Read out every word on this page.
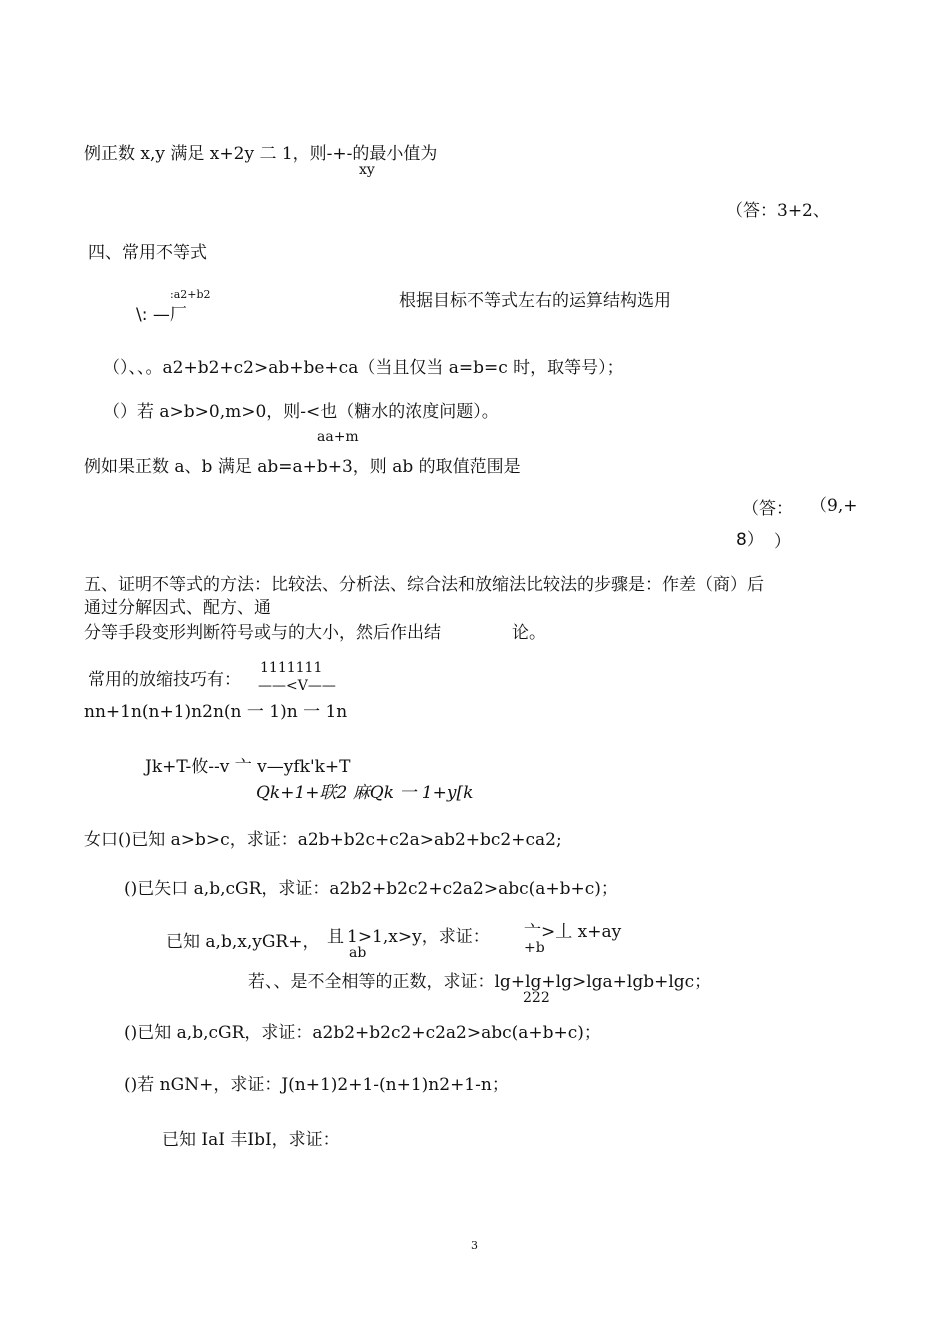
例正数 x,y 满足 x+2y 二 1，则-+-的最小值为
xy
（答：3+2、
四、常用不等式
:a2+b2
\: —厂
根据目标不等式左右的运算结构选用
（）、、。a2+b2+c2>ab+be+ca（当且仅当 a=b=c 时，取等号）；
（）若 a>b>0,m>0，则-<也（糖水的浓度问题）。
aa+m
例如果正数 a、b 满足 ab=a+b+3，则 ab 的取值范围是
（答： （9,+
8） ）
五、证明不等式的方法：比较法、分析法、综合法和放缩法比较法的步骤是：作差（商）后
通过分解因式、配方、通
分等手段变形判断符号或与的大小，然后作出结	论。
常用的放缩技巧有：
1111111
——<V——
nn+1n(n+1)n2n(n 一 1)n 一 1n
Jk+T-攸--v 亠 v—yfk'k+T
Qk+1+联2 麻Qk 一 1+y[k
女口()已知 a>b>c，求证：a2b+b2c+c2a>ab2+bc2+ca2;
()已矢口 a,b,cGR，求证：a2b2+b2c2+c2a2>abc(a+b+c)；
已知 a,b,x,yGR+， 且 1>1,x>y，求证：
ab
亠>丄 x+ay
+b
若、、是不全相等的正数，求证：lg+lg+lg>lga+lgb+lgc；
222
()已知 a,b,cGR，求证：a2b2+b2c2+c2a2>abc(a+b+c)；
()若 nGN+，求证：J(n+1)2+1-(n+1)n2+1-n；
已知 IaI 丰IbI，求证：
3
